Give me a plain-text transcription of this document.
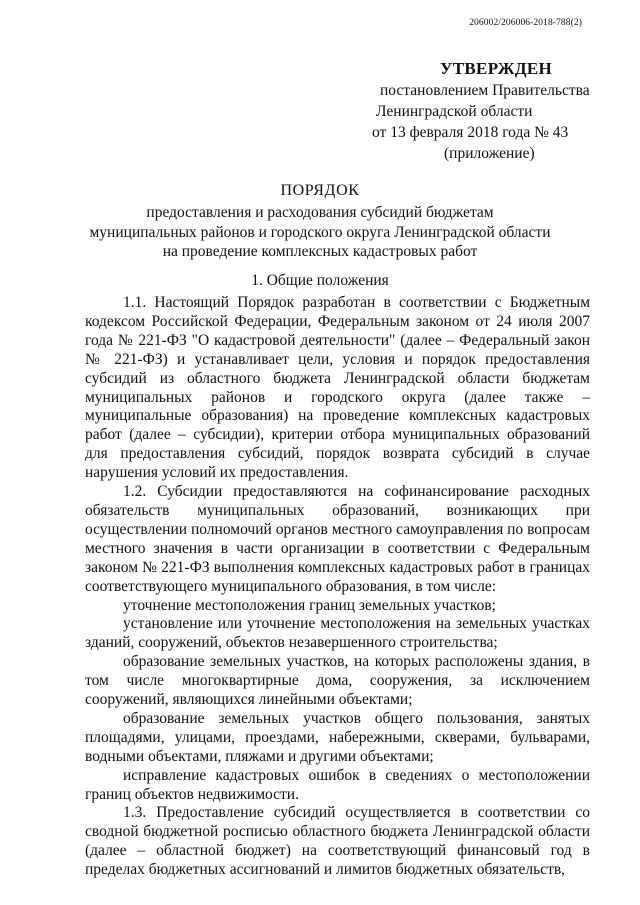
206002/206006-2018-788(2)
УТВЕРЖДЕН
постановлением Правительства
Ленинградской области
от 13 февраля 2018 года № 43
(приложение)
ПОРЯДОК
предоставления и расходования субсидий бюджетам
муниципальных районов и городского округа Ленинградской области
на проведение комплексных кадастровых работ
1. Общие положения

1.1. Настоящий Порядок разработан в соответствии с Бюджетным кодексом Российской Федерации, Федеральным законом от 24 июля 2007 года № 221-ФЗ "О кадастровой деятельности" (далее – Федеральный закон № 221-ФЗ) и устанавливает цели, условия и порядок предоставления субсидий из областного бюджета Ленинградской области бюджетам муниципальных районов и городского округа (далее также – муниципальные образования) на проведение комплексных кадастровых работ (далее – субсидии), критерии отбора муниципальных образований для предоставления субсидий, порядок возврата субсидий в случае нарушения условий их предоставления.

1.2. Субсидии предоставляются на софинансирование расходных обязательств муниципальных образований, возникающих при осуществлении полномочий органов местного самоуправления по вопросам местного значения в части организации в соответствии с Федеральным законом № 221-ФЗ выполнения комплексных кадастровых работ в границах соответствующего муниципального образования, в том числе:

уточнение местоположения границ земельных участков;

установление или уточнение местоположения на земельных участках зданий, сооружений, объектов незавершенного строительства;

образование земельных участков, на которых расположены здания, в том числе многоквартирные дома, сооружения, за исключением сооружений, являющихся линейными объектами;

образование земельных участков общего пользования, занятых площадями, улицами, проездами, набережными, скверами, бульварами, водными объектами, пляжами и другими объектами;

исправление кадастровых ошибок в сведениях о местоположении границ объектов недвижимости.

1.3. Предоставление субсидий осуществляется в соответствии со сводной бюджетной росписью областного бюджета Ленинградской области (далее – областной бюджет) на соответствующий финансовый год в пределах бюджетных ассигнований и лимитов бюджетных обязательств,
